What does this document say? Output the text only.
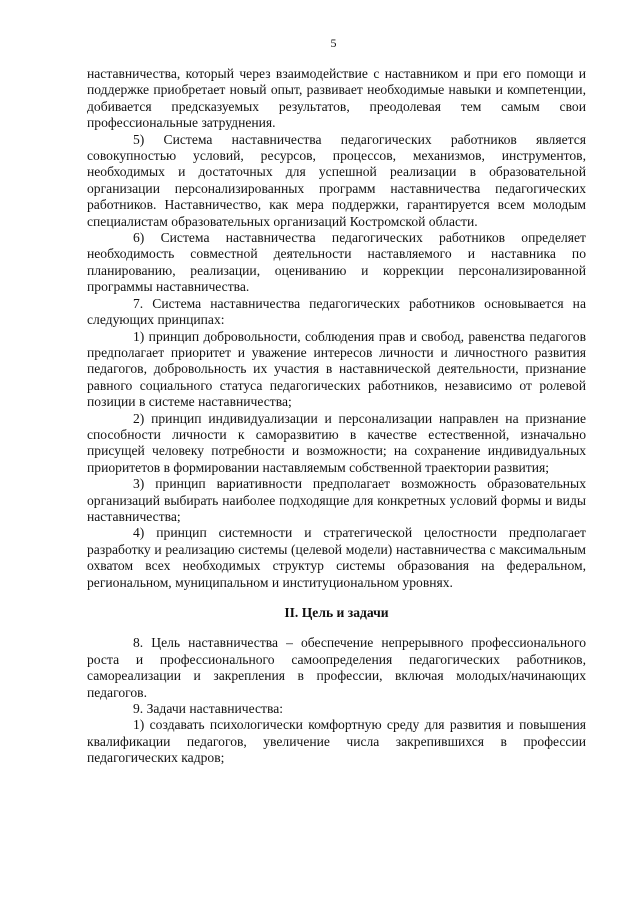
5

наставничества, который через взаимодействие с наставником и при его помощи и поддержке приобретает новый опыт, развивает необходимые навыки и компетенции, добивается предсказуемых результатов, преодолевая тем самым свои профессиональные затруднения.

5) Система наставничества педагогических работников является совокупностью условий, ресурсов, процессов, механизмов, инструментов, необходимых и достаточных для успешной реализации в образовательной организации персонализированных программ наставничества педагогических работников. Наставничество, как мера поддержки, гарантируется всем молодым специалистам образовательных организаций Костромской области.

6) Система наставничества педагогических работников определяет необходимость совместной деятельности наставляемого и наставника по планированию, реализации, оцениванию и коррекции персонализированной программы наставничества.

7. Система наставничества педагогических работников основывается на следующих принципах:

1) принцип добровольности, соблюдения прав и свобод, равенства педагогов предполагает приоритет и уважение интересов личности и личностного развития педагогов, добровольность их участия в наставнической деятельности, признание равного социального статуса педагогических работников, независимо от ролевой позиции в системе наставничества;

2) принцип индивидуализации и персонализации направлен на признание способности личности к саморазвитию в качестве естественной, изначально присущей человеку потребности и возможности; на сохранение индивидуальных приоритетов в формировании наставляемым собственной траектории развития;

3) принцип вариативности предполагает возможность образовательных организаций выбирать наиболее подходящие для конкретных условий формы и виды наставничества;

4) принцип системности и стратегической целостности предполагает разработку и реализацию системы (целевой модели) наставничества с максимальным охватом всех необходимых структур системы образования на федеральном, региональном, муниципальном и институциональном уровнях.

II. Цель и задачи

8. Цель наставничества – обеспечение непрерывного профессионального роста и профессионального самоопределения педагогических работников, самореализации и закрепления в профессии, включая молодых/начинающих педагогов.

9. Задачи наставничества:

1) создавать психологически комфортную среду для развития и повышения квалификации педагогов, увеличение числа закрепившихся в профессии педагогических кадров;
